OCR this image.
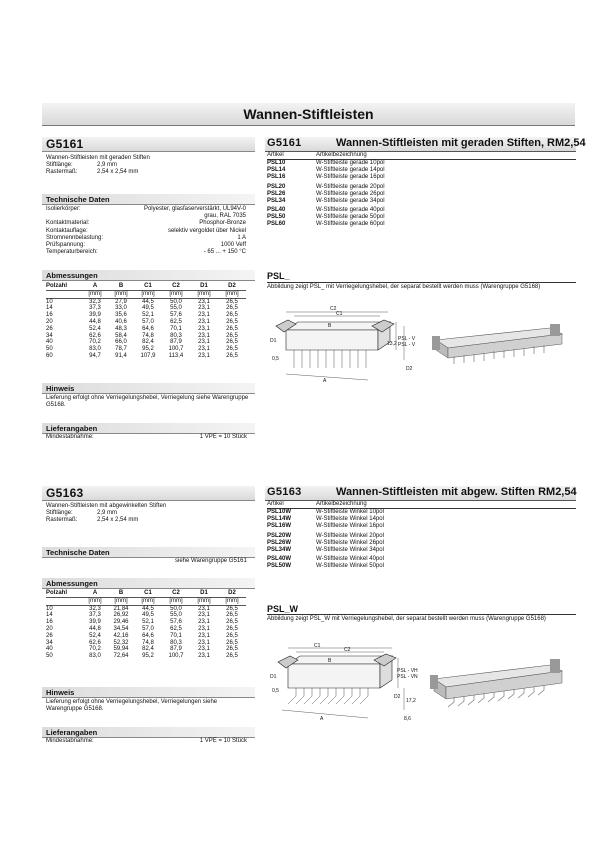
Wannen-Stiftleisten
G5161
Wannen-Stiftleisten mit geraden Stiften
Stiftlänge:	2,9 mm
Rastermaß:	2,54 x 2,54 mm
Technische Daten
Isolierkörper:	Polyester, glasfaserverstärkt, UL94V-0
grau, RAL 7035
Kontaktmaterial:	Phosphor-Bronze
Kontaktauflage:	selektiv vergoldet über Nickel
Stromnennbelastung:	1 A
Prüfspannung:	1000 Veff
Temperaturbereich:	- 65 ... + 150 °C
Abmessungen
Polzahl	A	B	C1	C2	D1	D2
	[mm]	[mm]	[mm]	[mm]	[mm]	[mm]
10	32,3	27,9	44,5	50,0	23,1	26,5
14	37,3	33,0	49,5	55,0	23,1	26,5
16	39,9	35,6	52,1	57,6	23,1	26,5
20	44,8	40,6	57,0	62,5	23,1	26,5
26	52,4	48,3	64,6	70,1	23,1	26,5
34	62,6	58,4	74,8	80,3	23,1	26,5
40	70,2	66,0	82,4	87,9	23,1	26,5
50	83,0	78,7	95,2	100,7	23,1	26,5
60	94,7	91,4	107,9	113,4	23,1	26,5
Hinweis
Lieferung erfolgt ohne Verriegelungshebel, Verriegelung siehe Warengruppe G5168.
Lieferangaben
Mindestabnahme:	1 VPE = 10 Stück
G5161	Wannen-Stiftleisten mit geraden Stiften, RM2,54
Artikel	Artikelbezeichnung
PSL10	W-Stiftleiste gerade 10pol
PSL14	W-Stiftleiste gerade 14pol
PSL16	W-Stiftleiste gerade 16pol
PSL20	W-Stiftleiste gerade 20pol
PSL26	W-Stiftleiste gerade 26pol
PSL34	W-Stiftleiste gerade 34pol
PSL40	W-Stiftleiste gerade 40pol
PSL50	W-Stiftleiste gerade 50pol
PSL60	W-Stiftleiste gerade 60pol
PSL_
Abbildung zeigt PSL_ mit Verriegelungshebel, der separat bestellt werden muss (Warengruppe G5168)
C2
C1
B
A
D1
D2
0,5
13,2
PSL - V
PSL - V
G5163
Wannen-Stiftleisten mit abgewinkelten Stiften
Stiftlänge:	2,9 mm
Rastermaß:	2,54 x 2,54 mm
Technische Daten
siehe Warengruppe G5161
Abmessungen
Polzahl	A	B	C1	C2	D1	D2
	[mm]	[mm]	[mm]	[mm]	[mm]	[mm]
10	32,3	21,84	44,5	50,0	23,1	26,5
14	37,3	26,92	49,5	55,0	23,1	26,5
16	39,9	29,46	52,1	57,6	23,1	26,5
20	44,8	34,54	57,0	62,5	23,1	26,5
26	52,4	42,16	64,6	70,1	23,1	26,5
34	62,6	52,32	74,8	80,3	23,1	26,5
40	70,2	59,94	82,4	87,9	23,1	26,5
50	83,0	72,64	95,2	100,7	23,1	26,5
Hinweis
Lieferung erfolgt ohne Verriegelungshebel, Verriegelungen siehe Warengruppe G5168.
Lieferangaben
Mindestabnahme:	1 VPE = 10 Stück
G5163	Wannen-Stiftleisten mit abgew. Stiften RM2,54
Artikel	Artikelbezeichnung
PSL10W	W-Stiftleiste Winkel 10pol
PSL14W	W-Stiftleiste Winkel 14pol
PSL16W	W-Stiftleiste Winkel 16pol
PSL20W	W-Stiftleiste Winkel 20pol
PSL26W	W-Stiftleiste Winkel 26pol
PSL34W	W-Stiftleiste Winkel 34pol
PSL40W	W-Stiftleiste Winkel 40pol
PSL50W	W-Stiftleiste Winkel 50pol
PSL_W
Abbildung zeigt PSL_W mit Verriegelungshebel, der separat bestellt werden muss (Warengruppe G5168)
C1
C2
B
A
D1
D2
0,5
17,2
8,6
PSL - VH
PSL - VN
